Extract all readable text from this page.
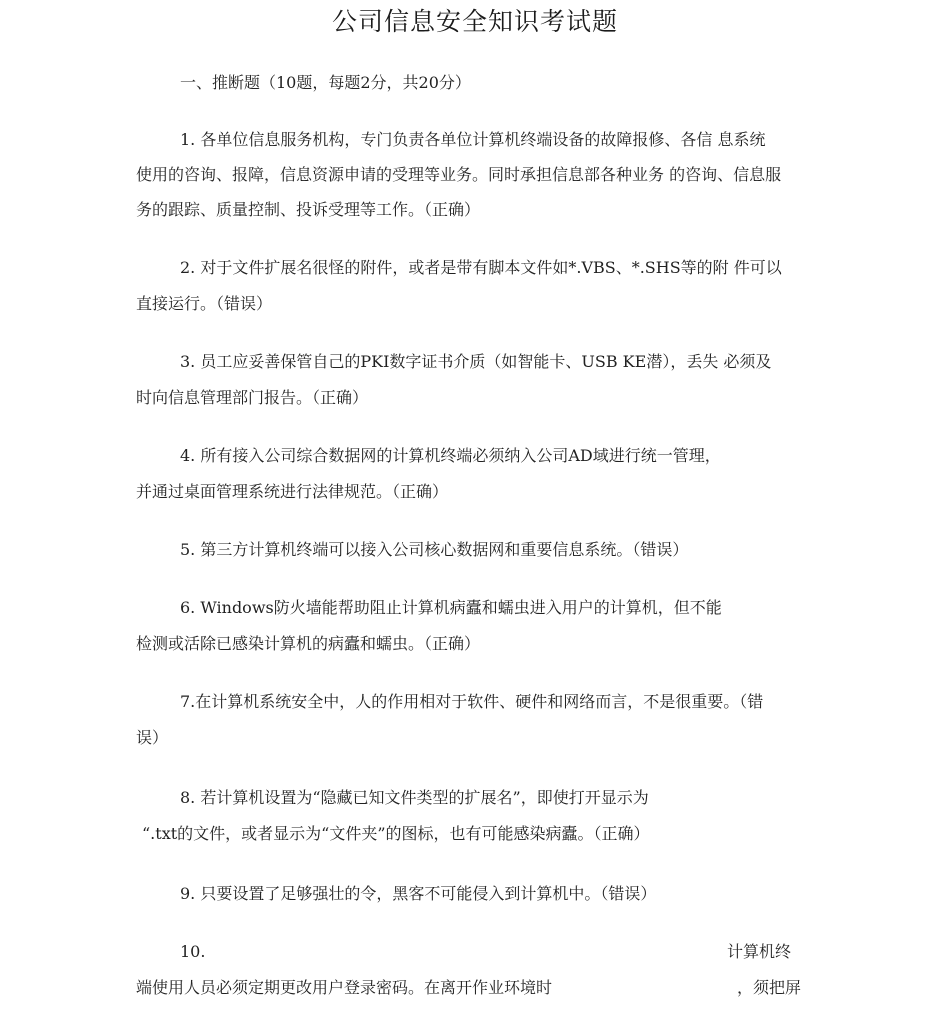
公司信息安全知识考试题
一、推断题（10题，每题2分，共20分）
1. 各单位信息服务机构，专门负责各单位计算机终端设备的故障报修、各信 息系统
使用的咨询、报障，信息资源申请的受理等业务。同时承担信息部各种业务 的咨询、信息服
务的跟踪、质量控制、投诉受理等工作。（正确）
2. 对于文件扩展名很怪的附件，或者是带有脚本文件如*.VBS、*.SHS等的附 件可以
直接运行。（错误）
3. 员工应妥善保管自己的PKI数字证书介质（如智能卡、USB KE潜），丢失 必须及
时向信息管理部门报告。（正确）
4. 所有接入公司综合数据网的计算机终端必须纳入公司AD域进行统一管理，
并通过桌面管理系统进行法律规范。（正确）
5. 第三方计算机终端可以接入公司核心数据网和重要信息系统。（错误）
6. Windows防火墙能帮助阻止计算机病蠹和蠕虫进入用户的计算机，但不能
检测或活除已感染计算机的病蠹和蠕虫。（正确）
7.在计算机系统安全中，人的作用相对于软件、硬件和网络而言，不是很重要。（错
误）
8. 若计算机设置为“隐藏已知文件类型的扩展名”，即使打开显示为
“.txt的文件，或者显示为“文件夹”的图标，也有可能感染病蠹。（正确）
9. 只要设置了足够强壮的令，黑客不可能侵入到计算机中。（错误）
10.	计算机终
端使用人员必须定期更改用户登录密码。在离开作业环境时	，须把屏
